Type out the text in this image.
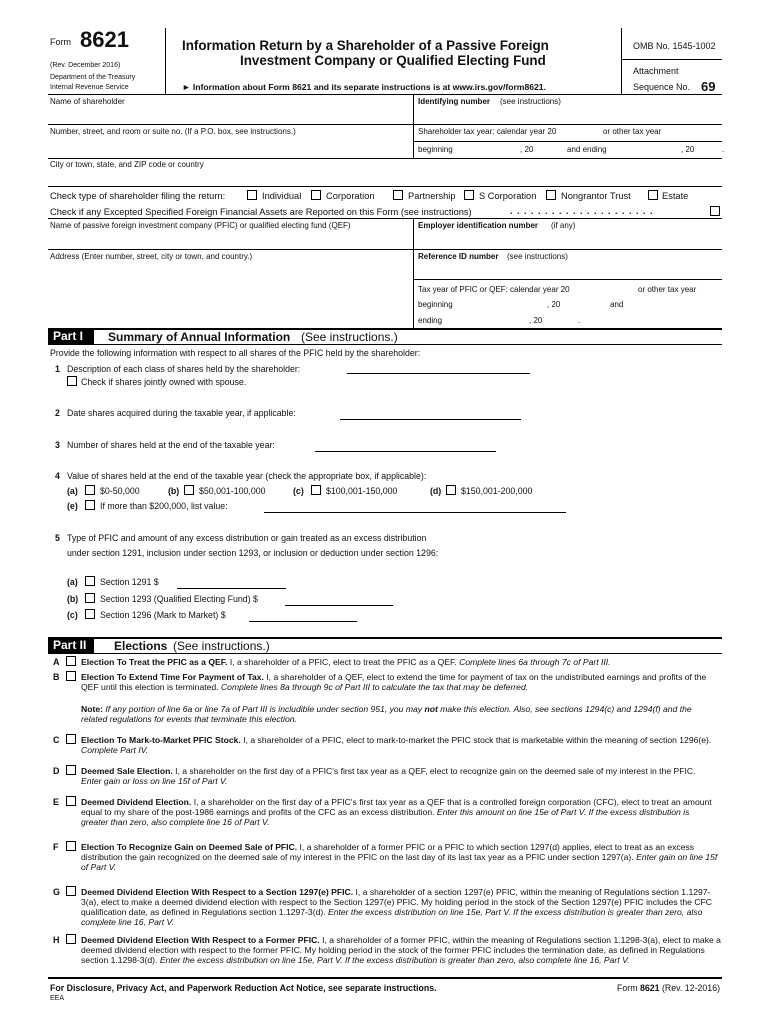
Form 8621
(Rev. December 2016)
Department of the Treasury
Internal Revenue Service
Information Return by a Shareholder of a Passive Foreign
Investment Company or Qualified Electing Fund
► Information about Form 8621 and its separate instructions is at www.irs.gov/form8621.
OMB No. 1545-1002
Attachment
Sequence No. 69
Name of shareholder	Identifying number (see instructions)
Number, street, and room or suite no. (If a P.O. box, see instructions.)	Shareholder tax year: calendar year 20	or other tax year
beginning	, 20	and ending	, 20	.
City or town, state, and ZIP code or country
Check type of shareholder filing the return:	Individual	Corporation	Partnership	S Corporation	Nongrantor Trust	Estate
Check if any Excepted Specified Foreign Financial Assets are Reported on this Form (see instructions)	. . . . . . . . . . . . . . . . . . . . .
Name of passive foreign investment company (PFIC) or qualified electing fund (QEF)	Employer identification number (if any)
Address (Enter number, street, city or town, and country.)	Reference ID number (see instructions)
Tax year of PFIC or QEF: calendar year 20	or other tax year
beginning	, 20	and
ending	, 20	.
Part I	Summary of Annual Information (See instructions.)
Provide the following information with respect to all shares of the PFIC held by the shareholder:
1 Description of each class of shares held by the shareholder:
Check if shares jointly owned with spouse.
2 Date shares acquired during the taxable year, if applicable:
3 Number of shares held at the end of the taxable year:
4 Value of shares held at the end of the taxable year (check the appropriate box, if applicable):
(a)	$0-50,000	(b) $50,001-100,000	(c)	$100,001-150,000	(d) $150,001-200,000
(e)	If more than $200,000, list value:
5 Type of PFIC and amount of any excess distribution or gain treated as an excess distribution
under section 1291, inclusion under section 1293, or inclusion or deduction under section 1296:
(a)	Section 1291 $
(b) Section 1293 (Qualified Electing Fund) $
(c)	Section 1296 (Mark to Market) $
Part II	Elections (See instructions.)
A	Election To Treat the PFIC as a QEF. I, a shareholder of a PFIC, elect to treat the PFIC as a QEF. Complete lines 6a through 7c of Part III.
B	Election To Extend Time For Payment of Tax. I, a shareholder of a QEF, elect to extend the time for payment of tax on the undistributed earnings and profits of the QEF until this election is terminated. Complete lines 8a through 9c of Part III to calculate the tax that may be deferred.
Note: If any portion of line 6a or line 7a of Part III is includible under section 951, you may not make this election. Also, see sections 1294(c) and 1294(f) and the related regulations for events that terminate this election.
C	Election To Mark-to-Market PFIC Stock. I, a shareholder of a PFIC, elect to mark-to-market the PFIC stock that is marketable within the meaning of section 1296(e). Complete Part IV.
D	Deemed Sale Election. I, a shareholder on the first day of a PFIC's first tax year as a QEF, elect to recognize gain on the deemed sale of my interest in the PFIC. Enter gain or loss on line 15f of Part V.
E	Deemed Dividend Election. I, a shareholder on the first day of a PFIC's first tax year as a QEF that is a controlled foreign corporation (CFC), elect to treat an amount equal to my share of the post-1986 earnings and profits of the CFC as an excess distribution. Enter this amount on line 15e of Part V. If the excess distribution is greater than zero, also complete line 16 of Part V.
F	Election To Recognize Gain on Deemed Sale of PFIC. I, a shareholder of a former PFIC or a PFIC to which section 1297(d) applies, elect to treat as an excess distribution the gain recognized on the deemed sale of my interest in the PFIC on the last day of its last tax year as a PFIC under section 1297(a). Enter gain on line 15f of Part V.
G Deemed Dividend Election With Respect to a Section 1297(e) PFIC. I, a shareholder of a section 1297(e) PFIC, within the meaning of Regulations section 1.1297-3(a), elect to make a deemed dividend election with respect to the Section 1297(e) PFIC. My holding period in the stock of the Section 1297(e) PFIC includes the CFC qualification date, as defined in Regulations section 1.1297-3(d). Enter the excess distribution on line 15e, Part V. If the excess distribution is greater than zero, also complete line 16, Part V.
H	Deemed Dividend Election With Respect to a Former PFIC. I, a shareholder of a former PFIC, within the meaning of Regulations section 1.1298-3(a), elect to make a deemed dividend election with respect to the former PFIC. My holding period in the stock of the former PFIC includes the termination date, as defined in Regulations section 1.1298-3(d). Enter the excess distribution on line 15e, Part V. If the excess distribution is greater than zero, also complete line 16, Part V.
For Disclosure, Privacy Act, and Paperwork Reduction Act Notice, see separate instructions.
EEA
Form 8621 (Rev. 12-2016)
